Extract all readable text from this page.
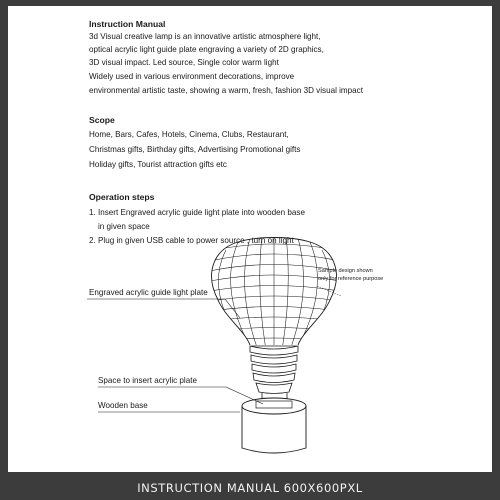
Instruction Manual
3d Visual creative lamp is an innovative artistic atmosphere light,
optical acrylic light guide plate engraving a variety of 2D graphics,
3D visual impact. Led source, Single color warm light
Widely used in various environment decorations, improve
environmental artistic taste, showing a warm, fresh, fashion 3D visual impact
Scope
Home, Bars, Cafes, Hotels, Cinema, Clubs, Restaurant,
Christmas gifts, Birthday gifts, Advertising Promotional gifts
Holiday gifts, Tourist attraction gifts etc
Operation steps
1. Insert Engraved acrylic guide light plate into wooden base
in given space
2. Plug in given USB cable to power source , turn on light
Engraved acrylic guide light plate
Space to insert acrylic plate
Wooden base
Sample design shown
only for reference purpose
INSTRUCTION MANUAL 600X600PXL
